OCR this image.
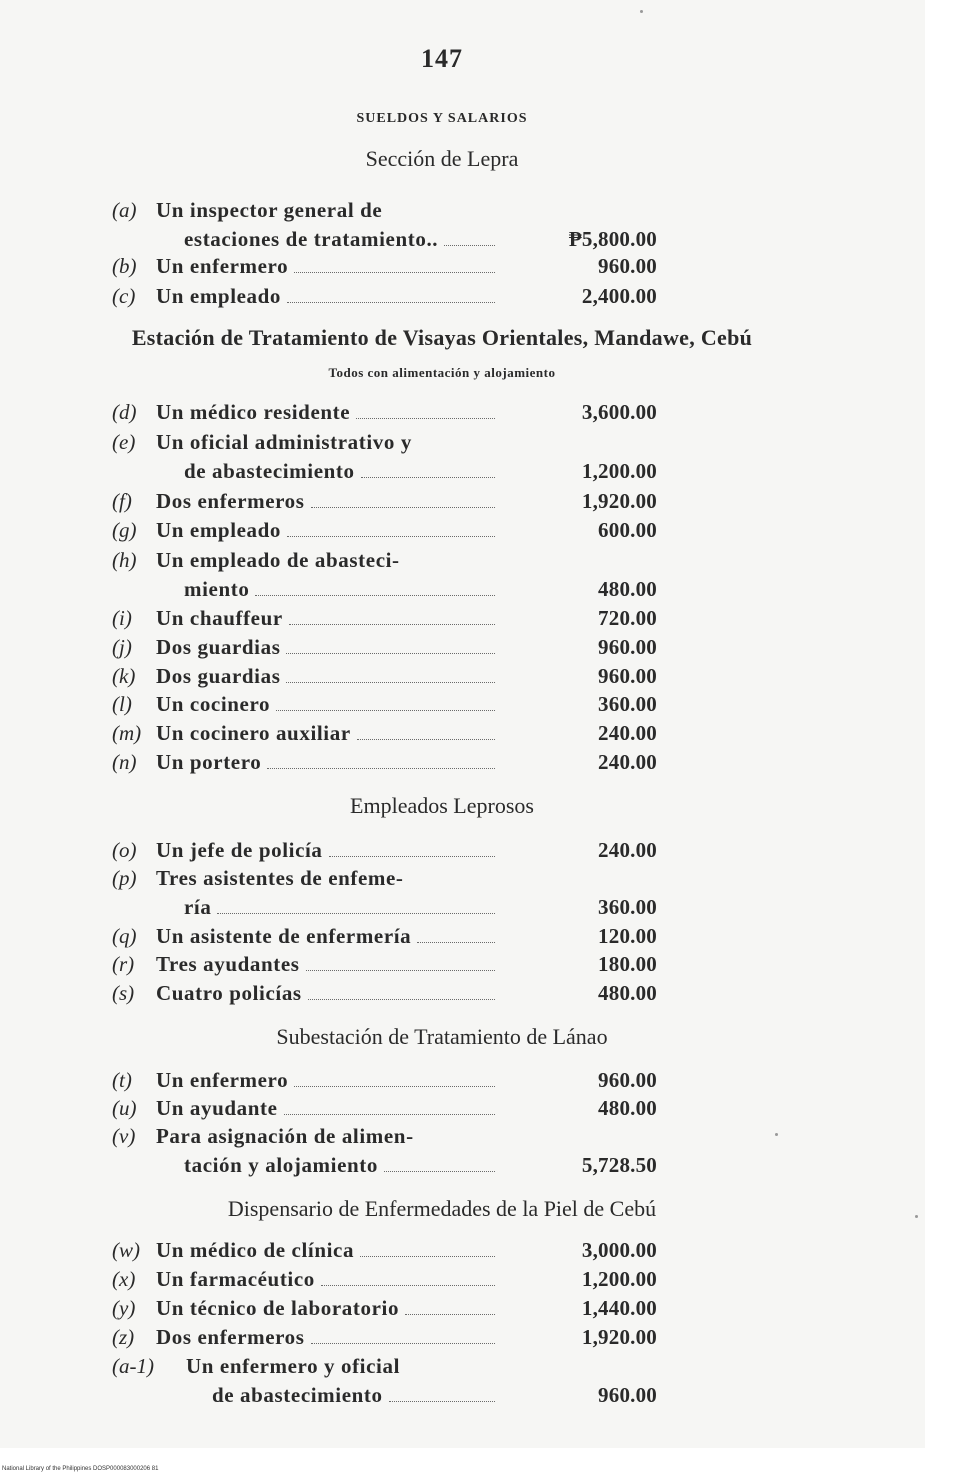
147
SUELDOS Y SALARIOS
Sección de Lepra
(a) Un inspector general de
estaciones de tratamiento..	₱5,800.00
(b) Un enfermero	960.00
(c) Un empleado	2,400.00
Estación de Tratamiento de Visayas Orientales, Mandawe, Cebú
Todos con alimentación y alojamiento
(d) Un médico residente	3,600.00
(e) Un oficial administrativo y
de abastecimiento	1,200.00
(f) Dos enfermeros	1,920.00
(g) Un empleado	600.00
(h) Un empleado de abasteci-
miento	480.00
(i) Un chauffeur	720.00
(j) Dos guardias	960.00
(k) Dos guardias	960.00
(l) Un cocinero	360.00
(m) Un cocinero auxiliar	240.00
(n) Un portero	240.00
Empleados Leprosos
(o) Un jefe de policía	240.00
(p) Tres asistentes de enfeme-
ría	360.00
(q) Un asistente de enfermería	120.00
(r) Tres ayudantes	180.00
(s) Cuatro policías	480.00
Subestación de Tratamiento de Lánao
(t) Un enfermero	960.00
(u) Un ayudante	480.00
(v) Para asignación de alimen-
tación y alojamiento	5,728.50
Dispensario de Enfermedades de la Piel de Cebú
(w) Un médico de clínica	3,000.00
(x) Un farmacéutico	1,200.00
(y) Un técnico de laboratorio	1,440.00
(z) Dos enfermeros	1,920.00
(a-1) Un enfermero y oficial
de abastecimiento	960.00
National Library of the Philippines DOSP000083000206 81
